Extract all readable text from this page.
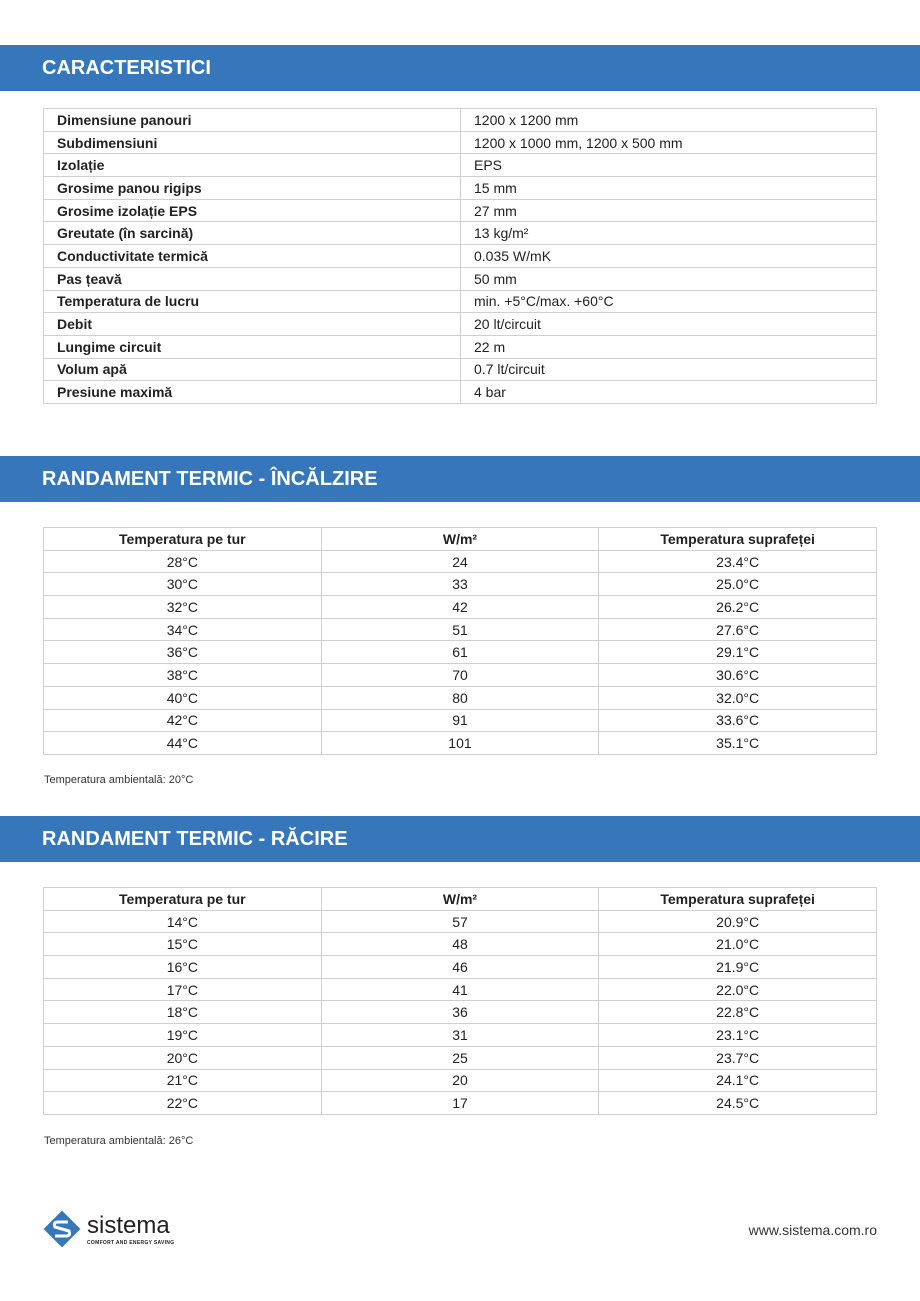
CARACTERISTICI
Dimensiune panouri	1200 x 1200 mm
Subdimensiuni	1200 x 1000 mm, 1200 x 500 mm
Izolație	EPS
Grosime panou rigips	15 mm
Grosime izolație EPS	27 mm
Greutate (în sarcină)	13 kg/m²
Conductivitate termică	0.035 W/mK
Pas țeavă	50 mm
Temperatura de lucru	min. +5°C/max. +60°C
Debit	20 lt/circuit
Lungime circuit	22 m
Volum apă	0.7 lt/circuit
Presiune maximă	4 bar
RANDAMENT TERMIC - ÎNCĂLZIRE
Temperatura pe tur	W/m²	Temperatura suprafeței
28°C	24	23.4°C
30°C	33	25.0°C
32°C	42	26.2°C
34°C	51	27.6°C
36°C	61	29.1°C
38°C	70	30.6°C
40°C	80	32.0°C
42°C	91	33.6°C
44°C	101	35.1°C
Temperatura ambientală: 20°C
RANDAMENT TERMIC - RĂCIRE
Temperatura pe tur	W/m²	Temperatura suprafeței
14°C	57	20.9°C
15°C	48	21.0°C
16°C	46	21.9°C
17°C	41	22.0°C
18°C	36	22.8°C
19°C	31	23.1°C
20°C	25	23.7°C
21°C	20	24.1°C
22°C	17	24.5°C
Temperatura ambientală: 26°C
sistema
COMFORT AND ENERGY SAVING
www.sistema.com.ro
